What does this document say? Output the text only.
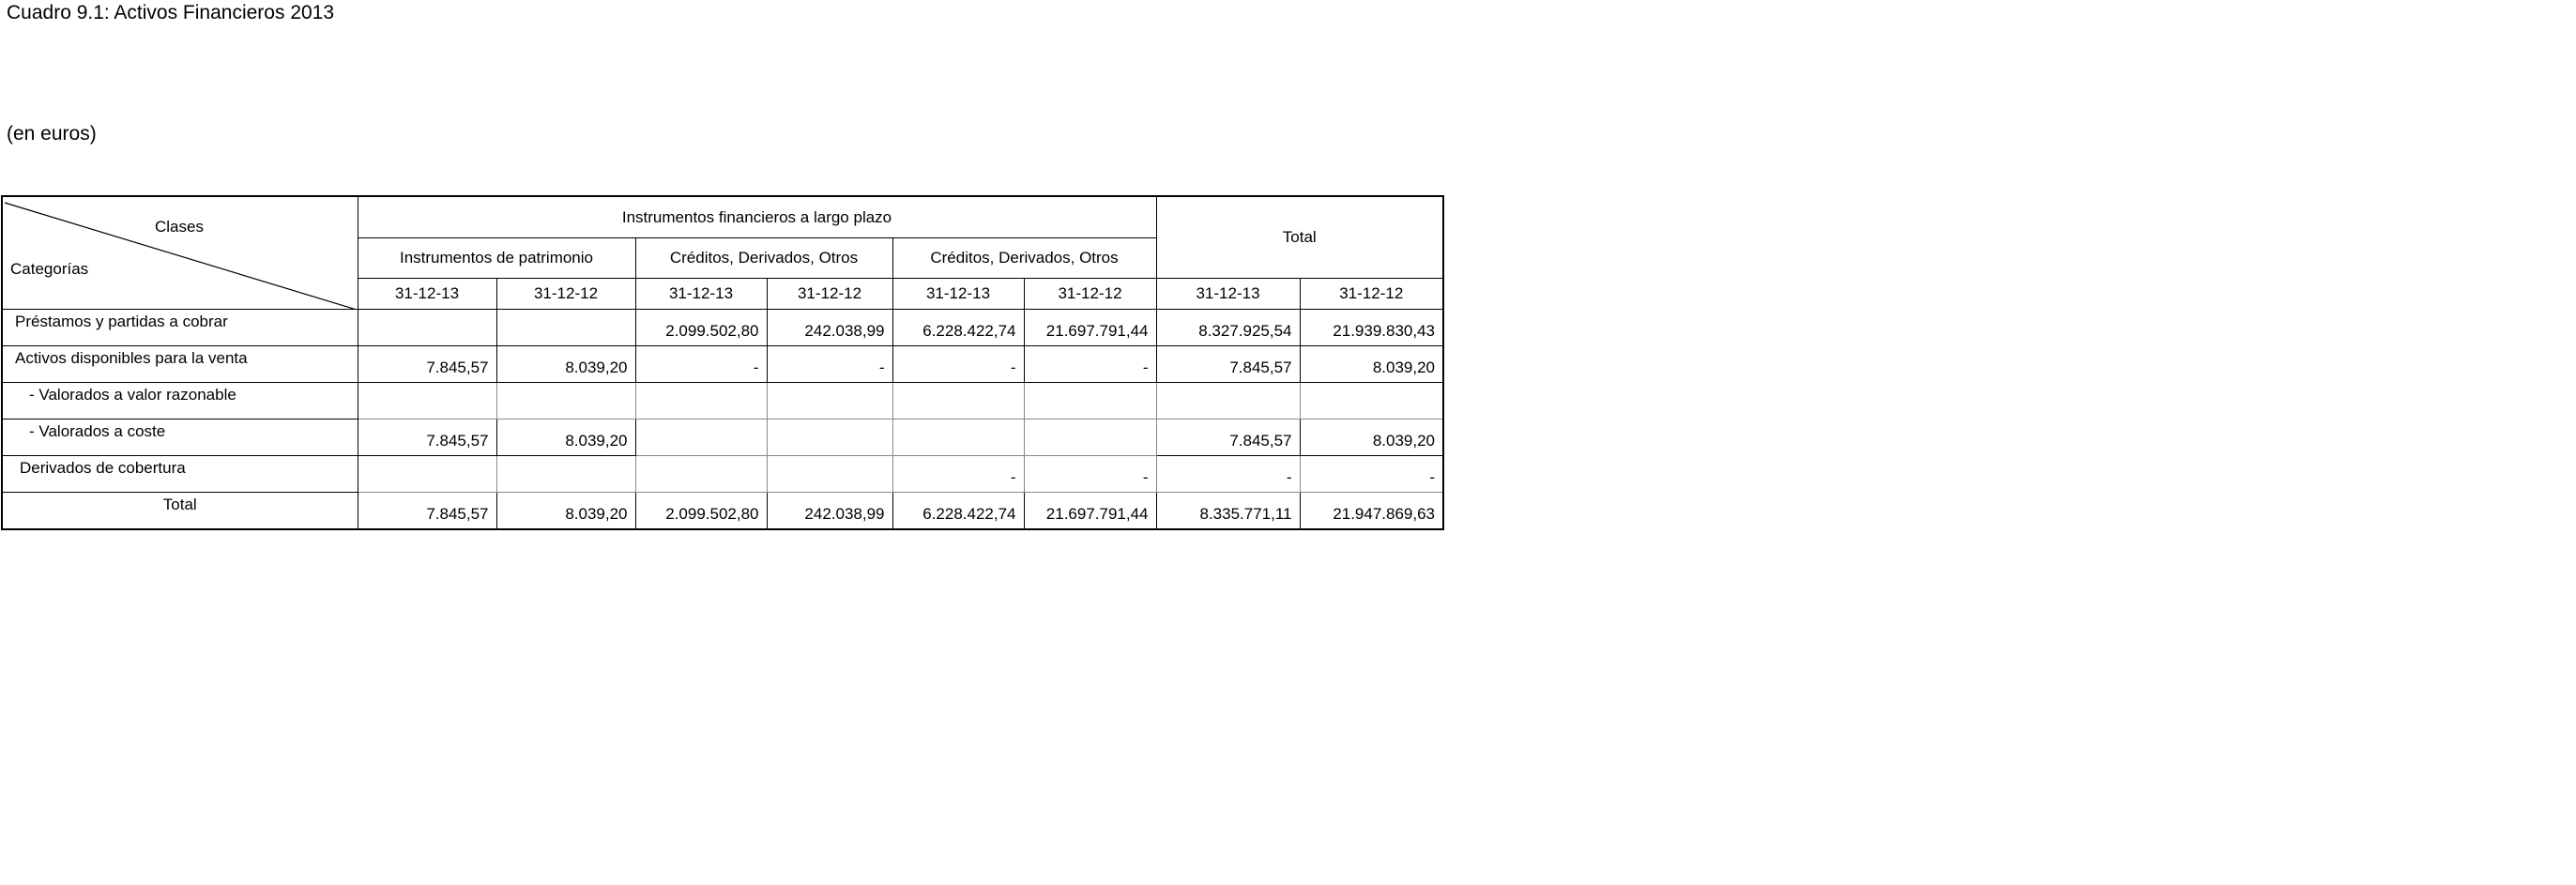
Cuadro 9.1: Activos Financieros 2013
(en euros)
Clases
Categorías	Instrumentos financieros a largo plazo						Total	
	Instrumentos de patrimonio		Créditos, Derivados, Otros		Créditos, Derivados, Otros			
	31-12-13	31-12-12	31-12-13	31-12-12	31-12-13	31-12-12	31-12-13	31-12-12
Préstamos y partidas a cobrar			2.099.502,80	242.038,99	6.228.422,74	21.697.791,44	8.327.925,54	21.939.830,43
Activos disponibles para la venta	7.845,57	8.039,20	-	-	-	-	7.845,57	8.039,20
- Valorados a valor razonable								
- Valorados a coste	7.845,57	8.039,20					7.845,57	8.039,20
Derivados de cobertura					-	-	-	-
Total	7.845,57	8.039,20	2.099.502,80	242.038,99	6.228.422,74	21.697.791,44	8.335.771,11	21.947.869,63
